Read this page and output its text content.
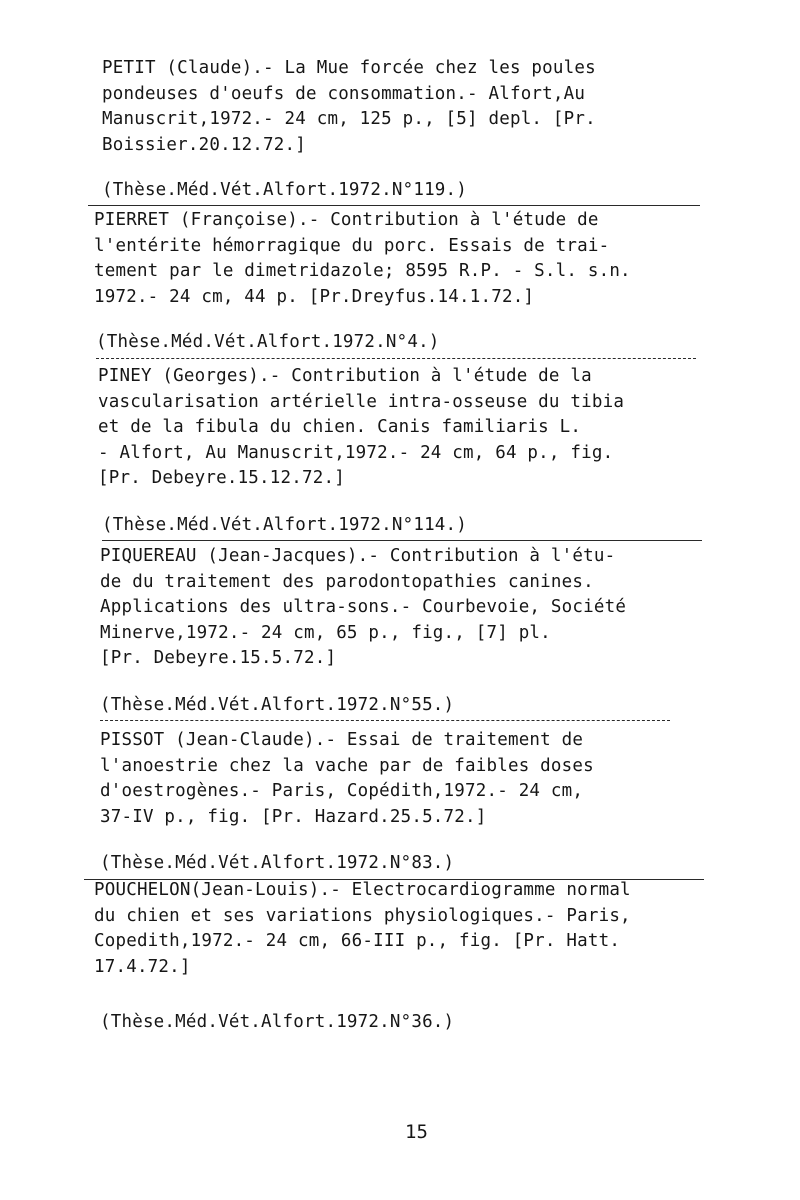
PETIT (Claude).- La Mue forcée chez les poules
pondeuses d'oeufs de consommation.- Alfort,Au
Manuscrit,1972.- 24 cm, 125 p., [5] depl. [Pr.
Boissier.20.12.72.]
(Thèse.Méd.Vét.Alfort.1972.N°119.)
PIERRET (Françoise).- Contribution à l'étude de
l'entérite hémorragique du porc. Essais de trai-
tement par le dimetridazole; 8595 R.P. - S.l. s.n.
1972.- 24 cm, 44 p. [Pr.Dreyfus.14.1.72.]
(Thèse.Méd.Vét.Alfort.1972.N°4.)
PINEY (Georges).- Contribution à l'étude de la
vascularisation artérielle intra-osseuse du tibia
et de la fibula du chien. Canis familiaris L.
- Alfort, Au Manuscrit,1972.- 24 cm, 64 p., fig.
[Pr. Debeyre.15.12.72.]
(Thèse.Méd.Vét.Alfort.1972.N°114.)
PIQUEREAU (Jean-Jacques).- Contribution à l'étu-
de du traitement des parodontopathies canines.
Applications des ultra-sons.- Courbevoie, Société
Minerve,1972.- 24 cm, 65 p., fig., [7] pl.
[Pr. Debeyre.15.5.72.]
(Thèse.Méd.Vét.Alfort.1972.N°55.)
PISSOT (Jean-Claude).- Essai de traitement de
l'anoestrie chez la vache par de faibles doses
d'oestrogènes.- Paris, Copédith,1972.- 24 cm,
37-IV p., fig. [Pr. Hazard.25.5.72.]
(Thèse.Méd.Vét.Alfort.1972.N°83.)
POUCHELON(Jean-Louis).- Electrocardiogramme normal
du chien et ses variations physiologiques.- Paris,
Copedith,1972.- 24 cm, 66-III p., fig. [Pr. Hatt.
17.4.72.]
(Thèse.Méd.Vét.Alfort.1972.N°36.)
15
